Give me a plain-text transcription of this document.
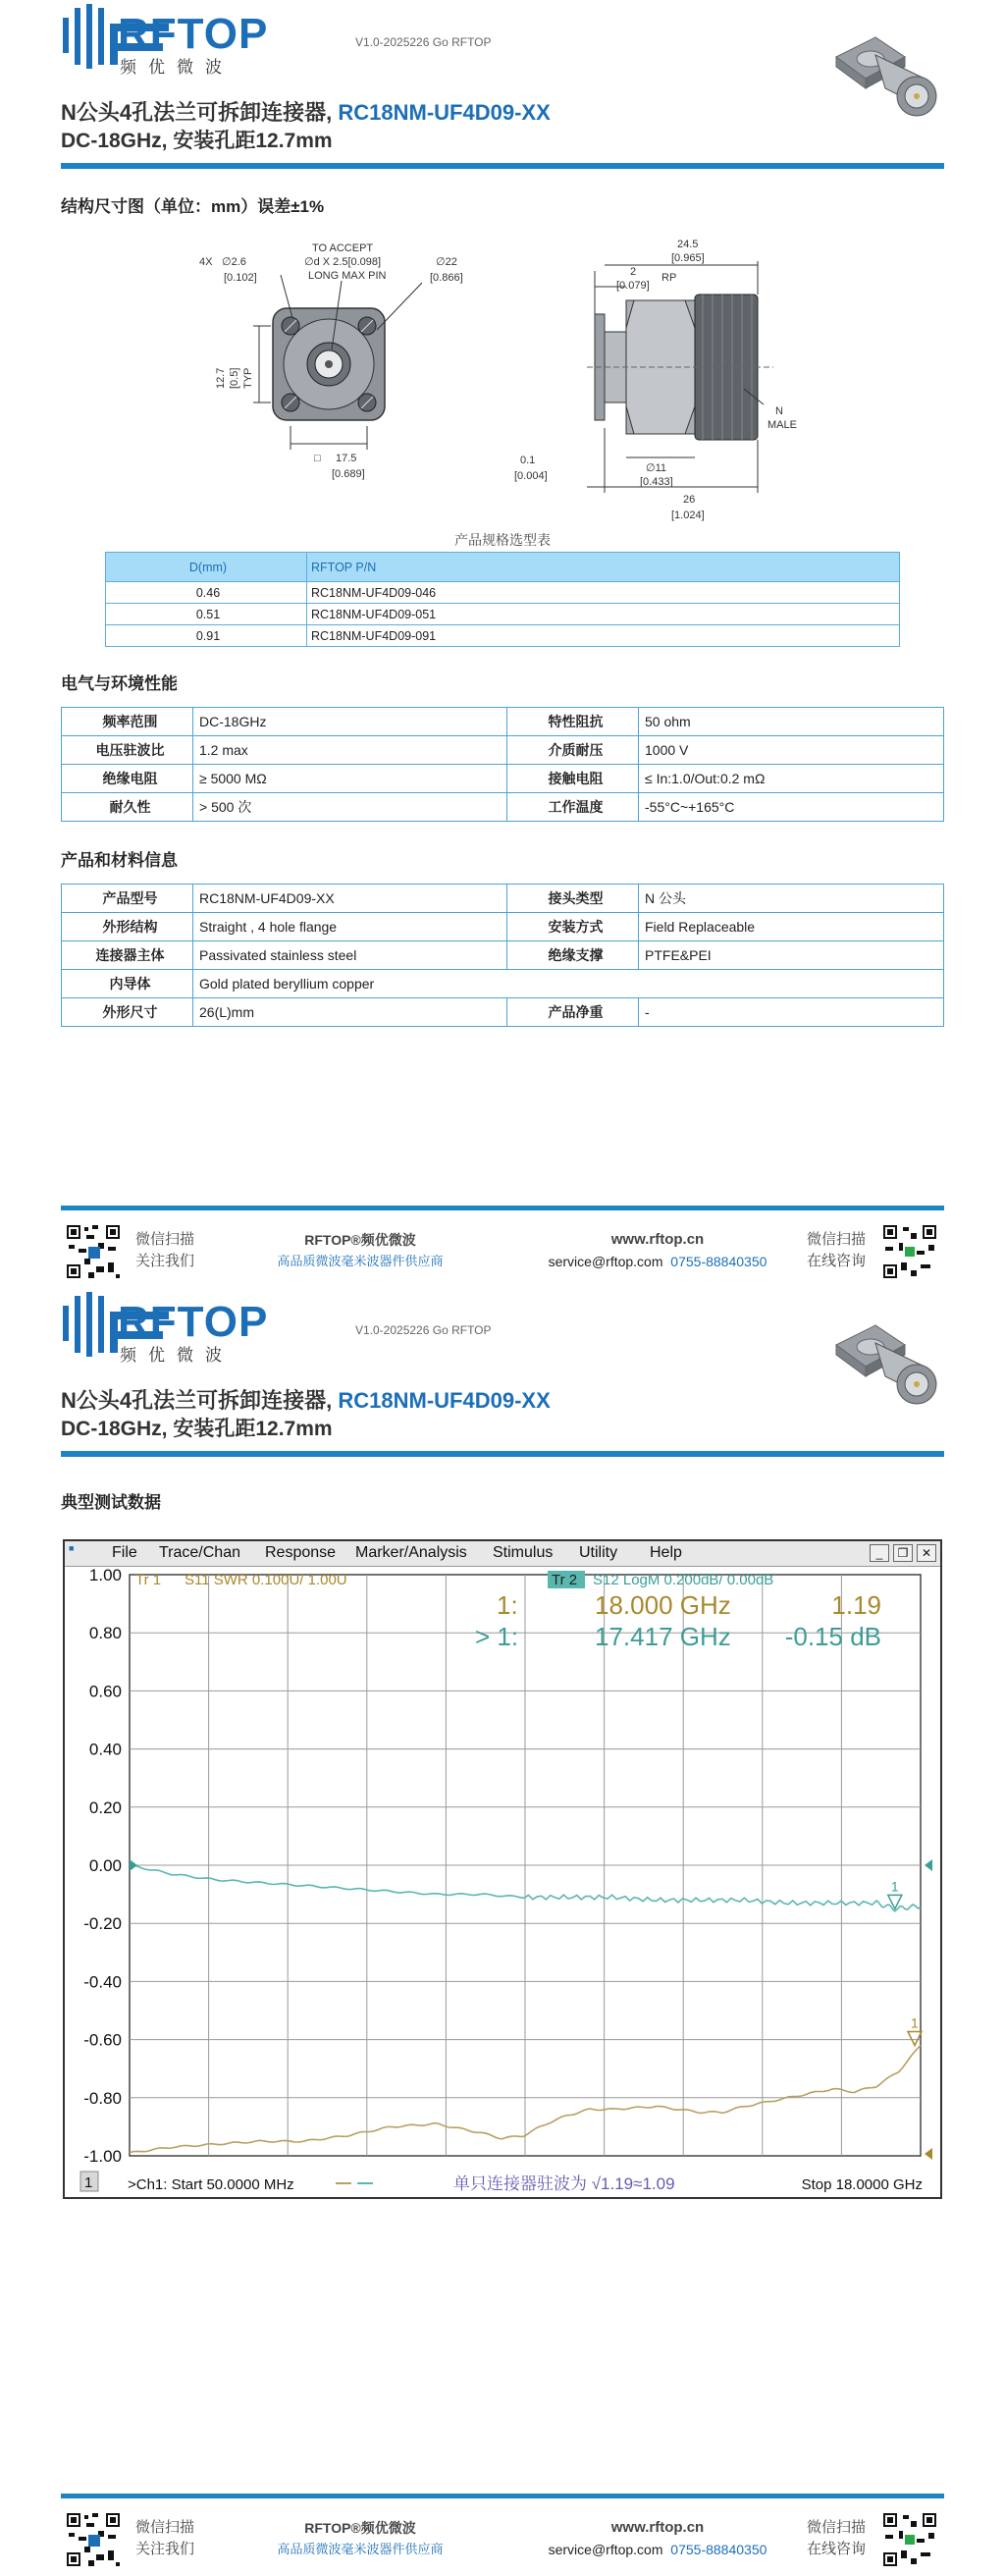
RFTOP
频优微波
V1.0-2025226 Go RFTOP
N公头4孔法兰可拆卸连接器, RC18NM-UF4D09-XX
DC-18GHz, 安装孔距12.7mm
结构尺寸图（单位：mm）误差±1%
4X ∅2.6
[0.102]
TO ACCEPT
∅d X 2.5[0.098]
LONG MAX PIN
∅22
[0.866]
12.7 [0.5] TYP
17.5
□
[0.689]
24.5
[0.965]
2
[0.079]
RP
0.1
[0.004]
∅11
[0.433]
26
[1.024]
N
MALE
产品规格选型表
D(mm)	RFTOP P/N
0.46	RC18NM-UF4D09-046
0.51	RC18NM-UF4D09-051
0.91	RC18NM-UF4D09-091
电气与环境性能
频率范围	DC-18GHz	特性阻抗	50 ohm
电压驻波比	1.2 max	介质耐压	1000 V
绝缘电阻	≥ 5000 MΩ	接触电阻	≤ In:1.0/Out:0.2 mΩ
耐久性	> 500 次	工作温度	-55°C~+165°C
产品和材料信息
产品型号	RC18NM-UF4D09-XX	接头类型	N 公头
外形结构	Straight , 4 hole flange	安装方式	Field Replaceable
连接器主体	Passivated stainless steel	绝缘支撑	PTFE&PEI
内导体	Gold plated beryllium copper		
外形尺寸	26(L)mm	产品净重	-
微信扫描
关注我们
RFTOP®频优微波
高品质微波毫米波器件供应商
www.rftop.cn
service@rftop.com 0755-88840350
微信扫描
在线咨询
RFTOP
频优微波
V1.0-2025226 Go RFTOP
N公头4孔法兰可拆卸连接器, RC18NM-UF4D09-XX
DC-18GHz, 安装孔距12.7mm
典型测试数据
微信扫描
关注我们
RFTOP®频优微波
高品质微波毫米波器件供应商
www.rftop.cn
service@rftop.com 0755-88840350
微信扫描
在线咨询
■ File Trace/Chan Response Marker/Analysis Stimulus Utility Help	_	❐	✕
1.00
0.80
0.60
0.40
0.20
0.00
-0.20
-0.40
-0.60
-0.80
-1.00
1
1
Tr 1 S11 SWR 0.100U/ 1.00U	Tr 2 S12 LogM 0.200dB/ 0.00dB
1:	18.000 GHz	1.19
> 1:	17.417 GHz -0.15 dB
1 >Ch1: Start 50.0000 MHz	单只连接器驻波为 √1.19≈1.09	Stop 18.0000 GHz
